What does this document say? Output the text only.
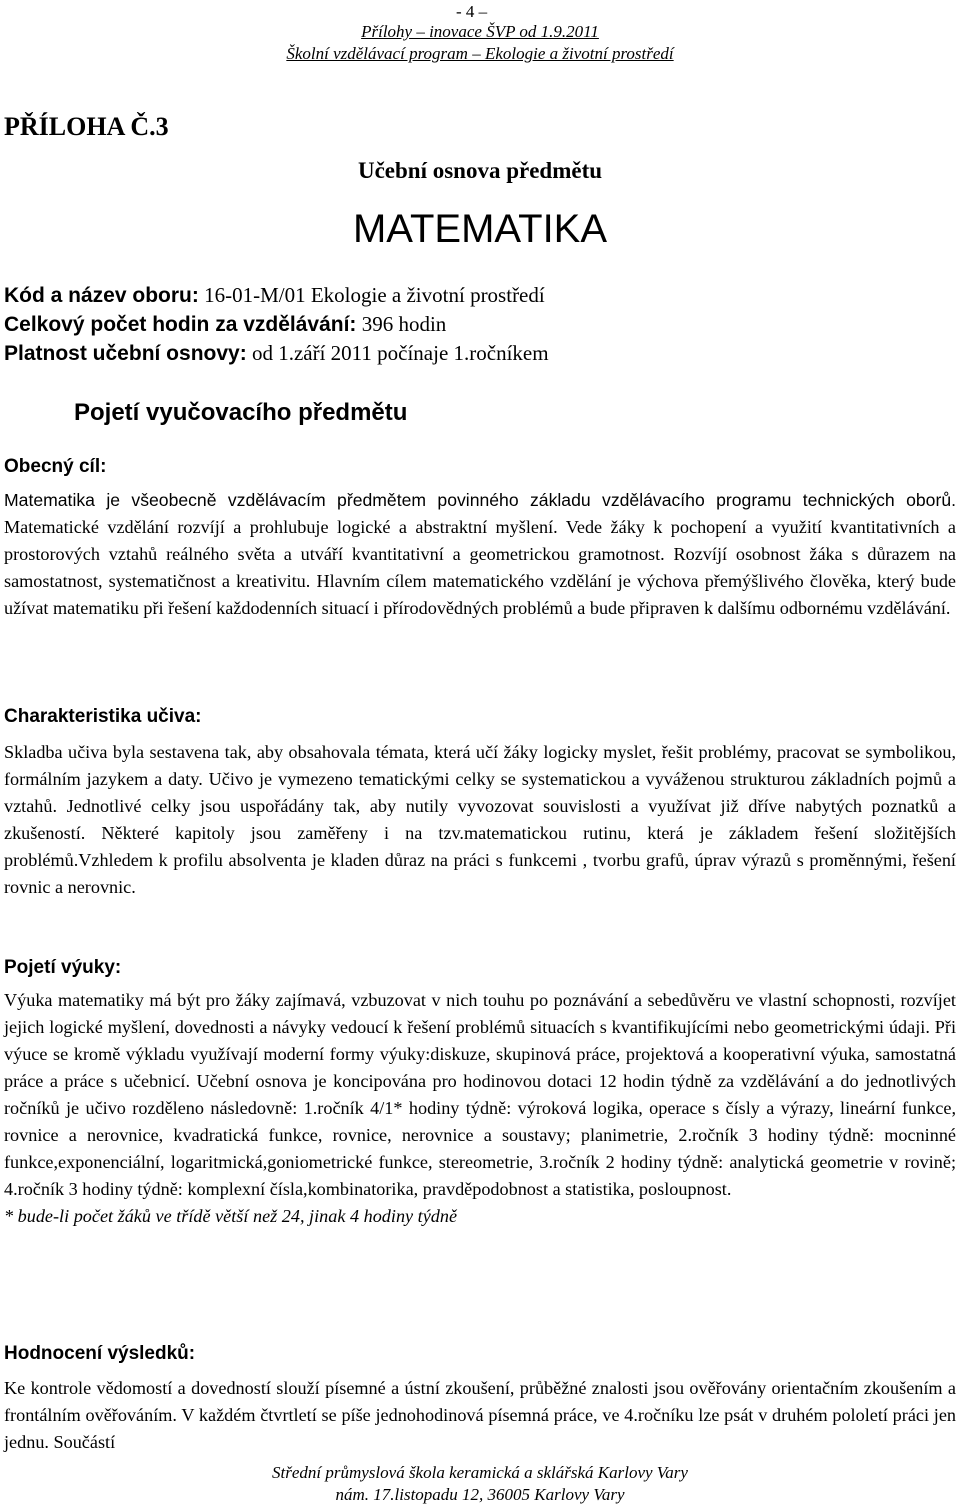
- 4 –
Přílohy – inovace ŠVP od 1.9.2011
Školní vzdělávací program – Ekologie a životní prostředí
PŘÍLOHA Č.3
Učební osnova předmětu
MATEMATIKA
Kód a název oboru: 16-01-M/01 Ekologie a životní prostředí
Celkový počet hodin za vzdělávání: 396 hodin
Platnost učební osnovy: od 1.září 2011 počínaje 1.ročníkem
Pojetí vyučovacího předmětu
Obecný cíl:
Matematika je všeobecně vzdělávacím předmětem povinného základu vzdělávacího programu technických oborů. Matematické vzdělání rozvíjí a prohlubuje logické a abstraktní myšlení. Vede žáky k pochopení a využití kvantitativních a prostorových vztahů reálného světa a utváří kvantitativní a geometrickou gramotnost. Rozvíjí osobnost žáka s důrazem na samostatnost, systematičnost a kreativitu. Hlavním cílem matematického vzdělání je výchova přemýšlivého člověka, který bude užívat matematiku při řešení každodenních situací i přírodovědných problémů a bude připraven k dalšímu odbornému vzdělávání.
Charakteristika učiva:
Skladba učiva byla sestavena tak, aby obsahovala témata, která učí žáky logicky myslet, řešit problémy, pracovat se symbolikou, formálním jazykem a daty. Učivo je vymezeno tematickými celky se systematickou a vyváženou strukturou základních pojmů a vztahů. Jednotlivé celky jsou uspořádány tak, aby nutily vyvozovat souvislosti a využívat již dříve nabytých poznatků a zkušeností. Některé kapitoly jsou zaměřeny i na tzv.matematickou rutinu, která je základem řešení složitějších problémů.Vzhledem k profilu absolventa je kladen důraz na práci s funkcemi , tvorbu grafů, úprav výrazů s proměnnými, řešení rovnic a nerovnic.
Pojetí výuky:
Výuka matematiky má být pro žáky zajímavá, vzbuzovat v nich touhu po poznávání a sebedůvěru ve vlastní schopnosti, rozvíjet jejich logické myšlení, dovednosti a návyky vedoucí k řešení problémů situacích s kvantifikujícími nebo geometrickými údaji. Při výuce se kromě výkladu využívají moderní formy výuky:diskuze, skupinová práce, projektová a kooperativní výuka, samostatná práce a práce s učebnicí. Učební osnova je koncipována pro hodinovou dotaci 12 hodin týdně za vzdělávání a do jednotlivých ročníků je učivo rozděleno následovně: 1.ročník 4/1* hodiny týdně: výroková logika, operace s čísly a výrazy, lineární funkce, rovnice a nerovnice, kvadratická funkce, rovnice, nerovnice a soustavy; planimetrie, 2.ročník 3 hodiny týdně: mocninné funkce,exponenciální, logaritmická,goniometrické funkce, stereometrie, 3.ročník 2 hodiny týdně: analytická geometrie v rovině; 4.ročník 3 hodiny týdně: komplexní čísla,kombinatorika, pravděpodobnost a statistika, posloupnost.
* bude-li počet žáků ve třídě větší než 24, jinak 4 hodiny týdně
Hodnocení výsledků:
Ke kontrole vědomostí a dovedností slouží písemné a ústní zkoušení, průběžné znalosti jsou ověřovány orientačním zkoušením a frontálním ověřováním. V každém čtvrtletí se píše jednohodinová písemná práce, ve 4.ročníku lze psát v druhém pololetí práci jen jednu. Součástí
Střední průmyslová škola keramická a sklářská Karlovy Vary
nám. 17.listopadu 12, 36005 Karlovy Vary
